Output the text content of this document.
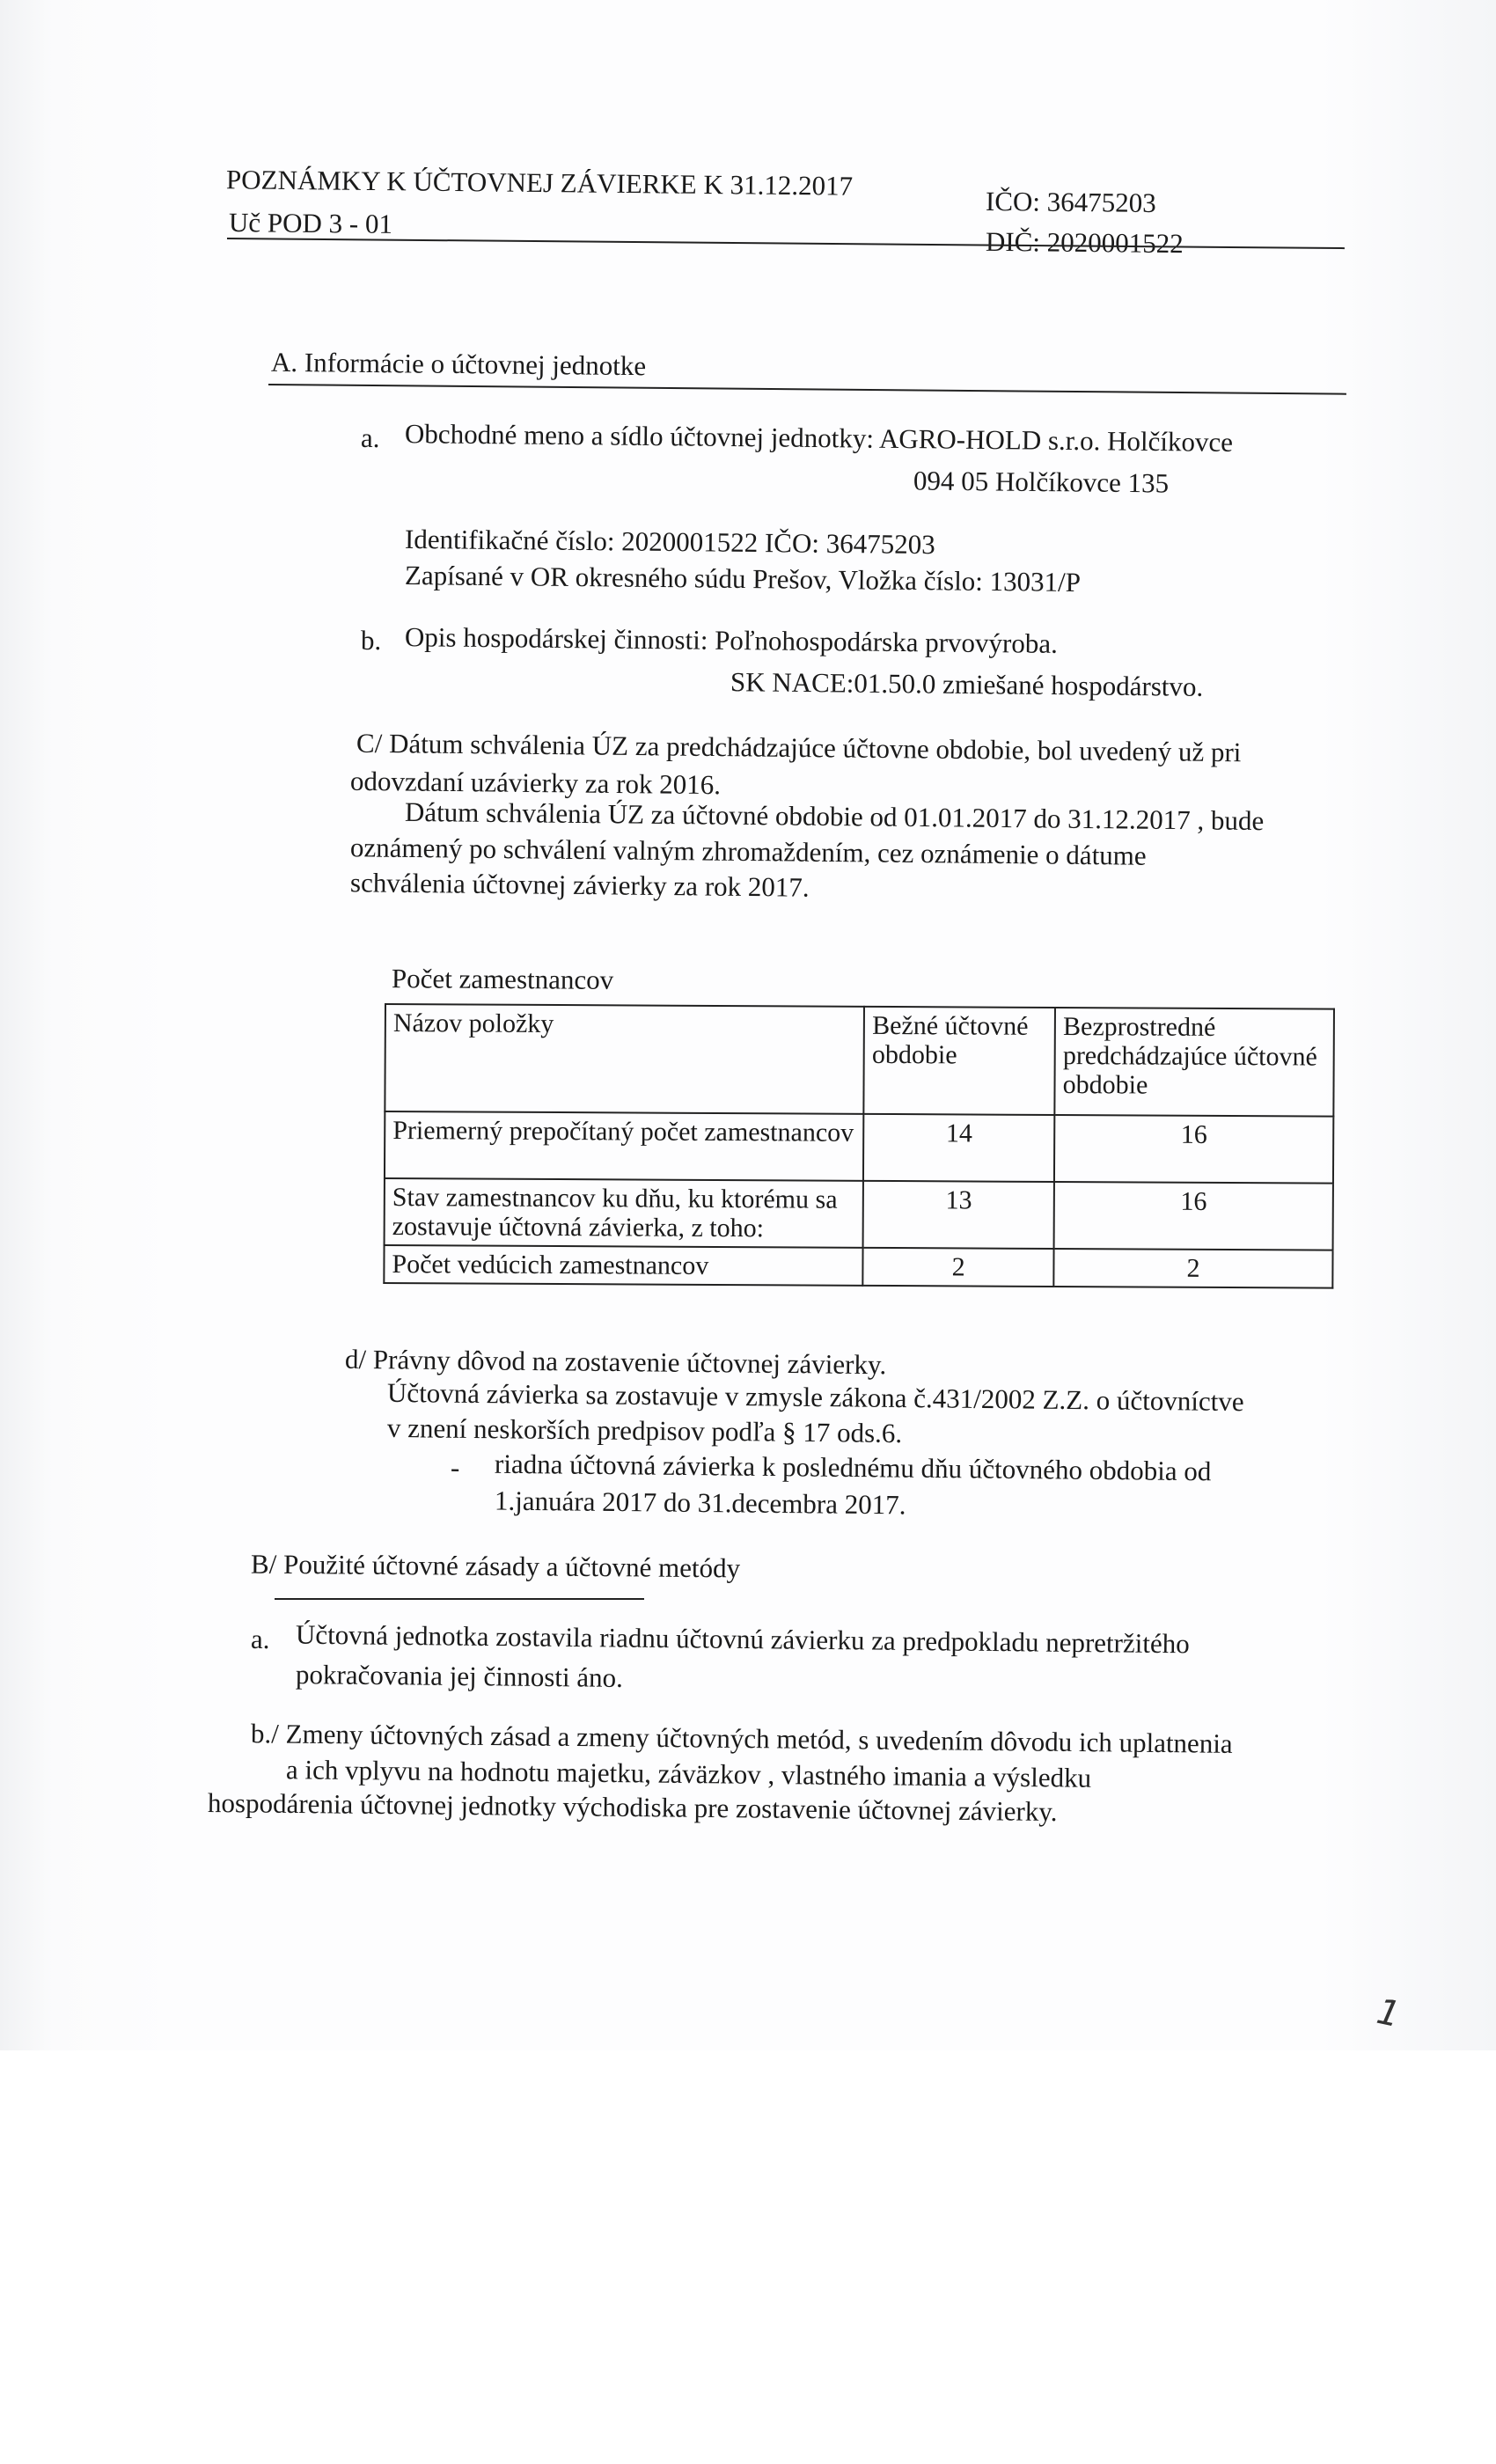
POZNÁMKY K ÚČTOVNEJ ZÁVIERKE K 31.12.2017
Uč POD 3 - 01
IČO: 36475203
DIČ: 2020001522
A. Informácie o účtovnej jednotke
a. Obchodné meno a sídlo účtovnej jednotky: AGRO-HOLD s.r.o. Holčíkovce
094 05 Holčíkovce 135
Identifikačné číslo: 2020001522 IČO: 36475203
Zapísané v OR okresného súdu Prešov, Vložka číslo: 13031/P
b. Opis hospodárskej činnosti: Poľnohospodárska prvovýroba.
SK NACE:01.50.0 zmiešané hospodárstvo.
C/ Dátum schválenia ÚZ za predchádzajúce účtovne obdobie, bol uvedený už pri
odovzdaní uzávierky za rok 2016.
Dátum schválenia ÚZ za účtovné obdobie od 01.01.2017 do 31.12.2017 , bude
oznámený po schválení valným zhromaždením, cez oznámenie o dátume
schválenia účtovnej závierky za rok 2017.
Počet zamestnancov
Názov položky	Bežné účtovné obdobie	Bezprostredné predchádzajúce účtovné obdobie
Priemerný prepočítaný počet zamestnancov	14	16
Stav zamestnancov ku dňu, ku ktorému sa zostavuje účtovná závierka, z toho:	13	16
Počet vedúcich zamestnancov	2	2
d/ Právny dôvod na zostavenie účtovnej závierky.
Účtovná závierka sa zostavuje v zmysle zákona č.431/2002 Z.Z. o účtovníctve
v znení neskorších predpisov podľa § 17 ods.6.
- riadna účtovná závierka k poslednému dňu účtovného obdobia od
1.januára 2017 do 31.decembra 2017.
B/ Použité účtovné zásady a účtovné metódy
a. Účtovná jednotka zostavila riadnu účtovnú závierku za predpokladu nepretržitého
pokračovania jej činnosti áno.
b./ Zmeny účtovných zásad a zmeny účtovných metód, s uvedením dôvodu ich uplatnenia
a ich vplyvu na hodnotu majetku, záväzkov , vlastného imania a výsledku
hospodárenia účtovnej jednotky východiska pre zostavenie účtovnej závierky.
1
